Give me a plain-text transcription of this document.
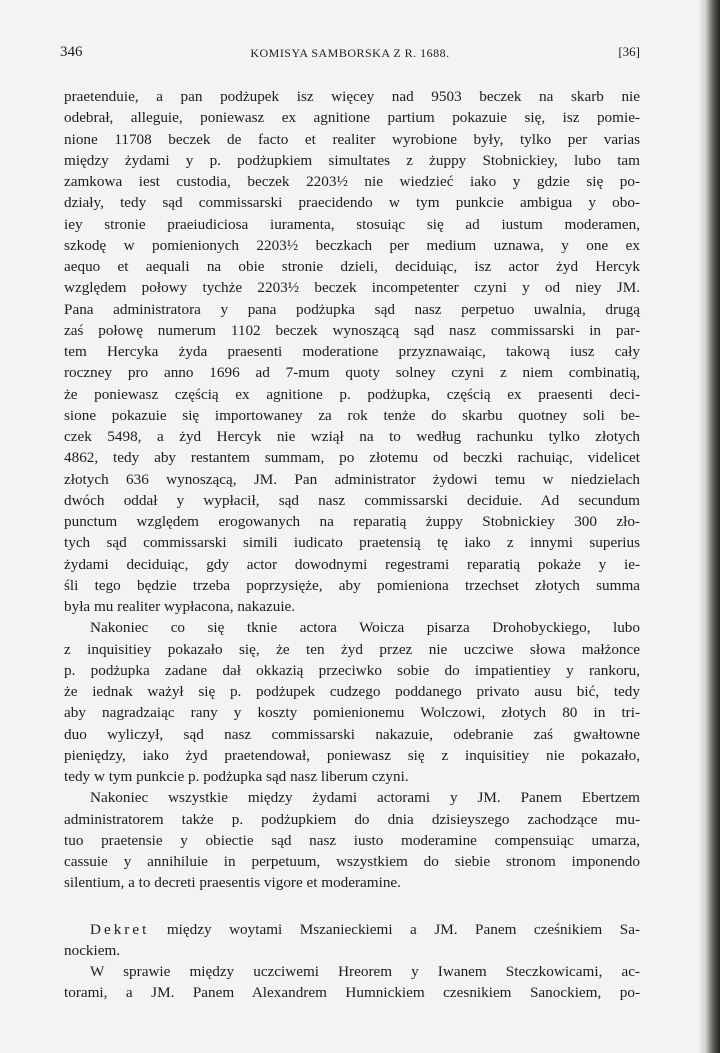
346	KOMISYA SAMBORSKA Z R. 1688.	[36]

praetenduie, a pan podżupek isz więcey nad 9503 beczek na skarb nie
odebrał, alleguie, poniewasz ex agnitione partium pokazuie się, isz pomie-
nione 11708 beczek de facto et realiter wyrobione były, tylko per varias
między żydami y p. podżupkiem simultates z żuppy Stobnickiey, lubo tam
zamkowa iest custodia, beczek 2203½ nie wiedzieć iako y gdzie się po-
działy, tedy sąd commissarski praecidendo w tym punkcie ambigua y obo-
iey stronie praeiudiciosa iuramenta, stosuiąc się ad iustum moderamen,
szkodę w pomienionych 2203½ beczkach per medium uznawa, y one ex
aequo et aequali na obie stronie dzieli, deciduiąc, isz actor żyd Hercyk
względem połowy tychże 2203½ beczek incompetenter czyni y od niey JM.
Pana administratora y pana podżupka sąd nasz perpetuo uwalnia, drugą
zaś połowę numerum 1102 beczek wynoszącą sąd nasz commissarski in par-
tem Hercyka żyda praesenti moderatione przyznawaiąc, takową iusz cały
roczney pro anno 1696 ad 7-mum quoty solney czyni z niem combinatią,
że poniewasz częścią ex agnitione p. podżupka, częścią ex praesenti deci-
sione pokazuie się importowaney za rok tenże do skarbu quotney soli be-
czek 5498, a żyd Hercyk nie wziął na to według rachunku tylko złotych
4862, tedy aby restantem summam, po złotemu od beczki rachuiąc, videlicet
złotych 636 wynoszącą, JM. Pan administrator żydowi temu w niedzielach
dwóch oddał y wypłacił, sąd nasz commissarski deciduie. Ad secundum
punctum względem erogowanych na reparatią żuppy Stobnickiey 300 zło-
tych sąd commissarski simili iudicato praetensią tę iako z innymi superius
żydami deciduiąc, gdy actor dowodnymi regestrami reparatią pokaże y ie-
śli tego będzie trzeba poprzysięże, aby pomieniona trzechset złotych summa
była mu realiter wypłacona, nakazuie.

Nakoniec co się tknie actora Woicza pisarza Drohobyckiego, lubo
z inquisitiey pokazało się, że ten żyd przez nie uczciwe słowa małżonce
p. podżupka zadane dał okkazią przeciwko sobie do impatientiey y rankoru,
że iednak ważył się p. podżupek cudzego poddanego privato ausu bić, tedy
aby nagradzaiąc rany y koszty pomienionemu Wolczowi, złotych 80 in tri-
duo wyliczył, sąd nasz commissarski nakazuie, odebranie zaś gwałtowne
pieniędzy, iako żyd praetendował, poniewasz się z inquisitiey nie pokazało,
tedy w tym punkcie p. podżupka sąd nasz liberum czyni.

Nakoniec wszystkie między żydami actorami y JM. Panem Ebertzem
administratorem także p. podżupkiem do dnia dzisieyszego zachodzące mu-
tuo praetensie y obiectie sąd nasz iusto moderamine compensuiąc umarza,
cassuie y annihiluie in perpetuum, wszystkiem do siebie stronom imponendo
silentium, a to decreti praesentis vigore et moderamine.

Dekret między woytami Mszanieckiemi a JM. Panem cześnikiem Sa-
nockiem.

W sprawie między uczciwemi Hreorem y Iwanem Steczkowicami, ac-
torami, a JM. Panem Alexandrem Humnickiem czesnikiem Sanockiem, po-
